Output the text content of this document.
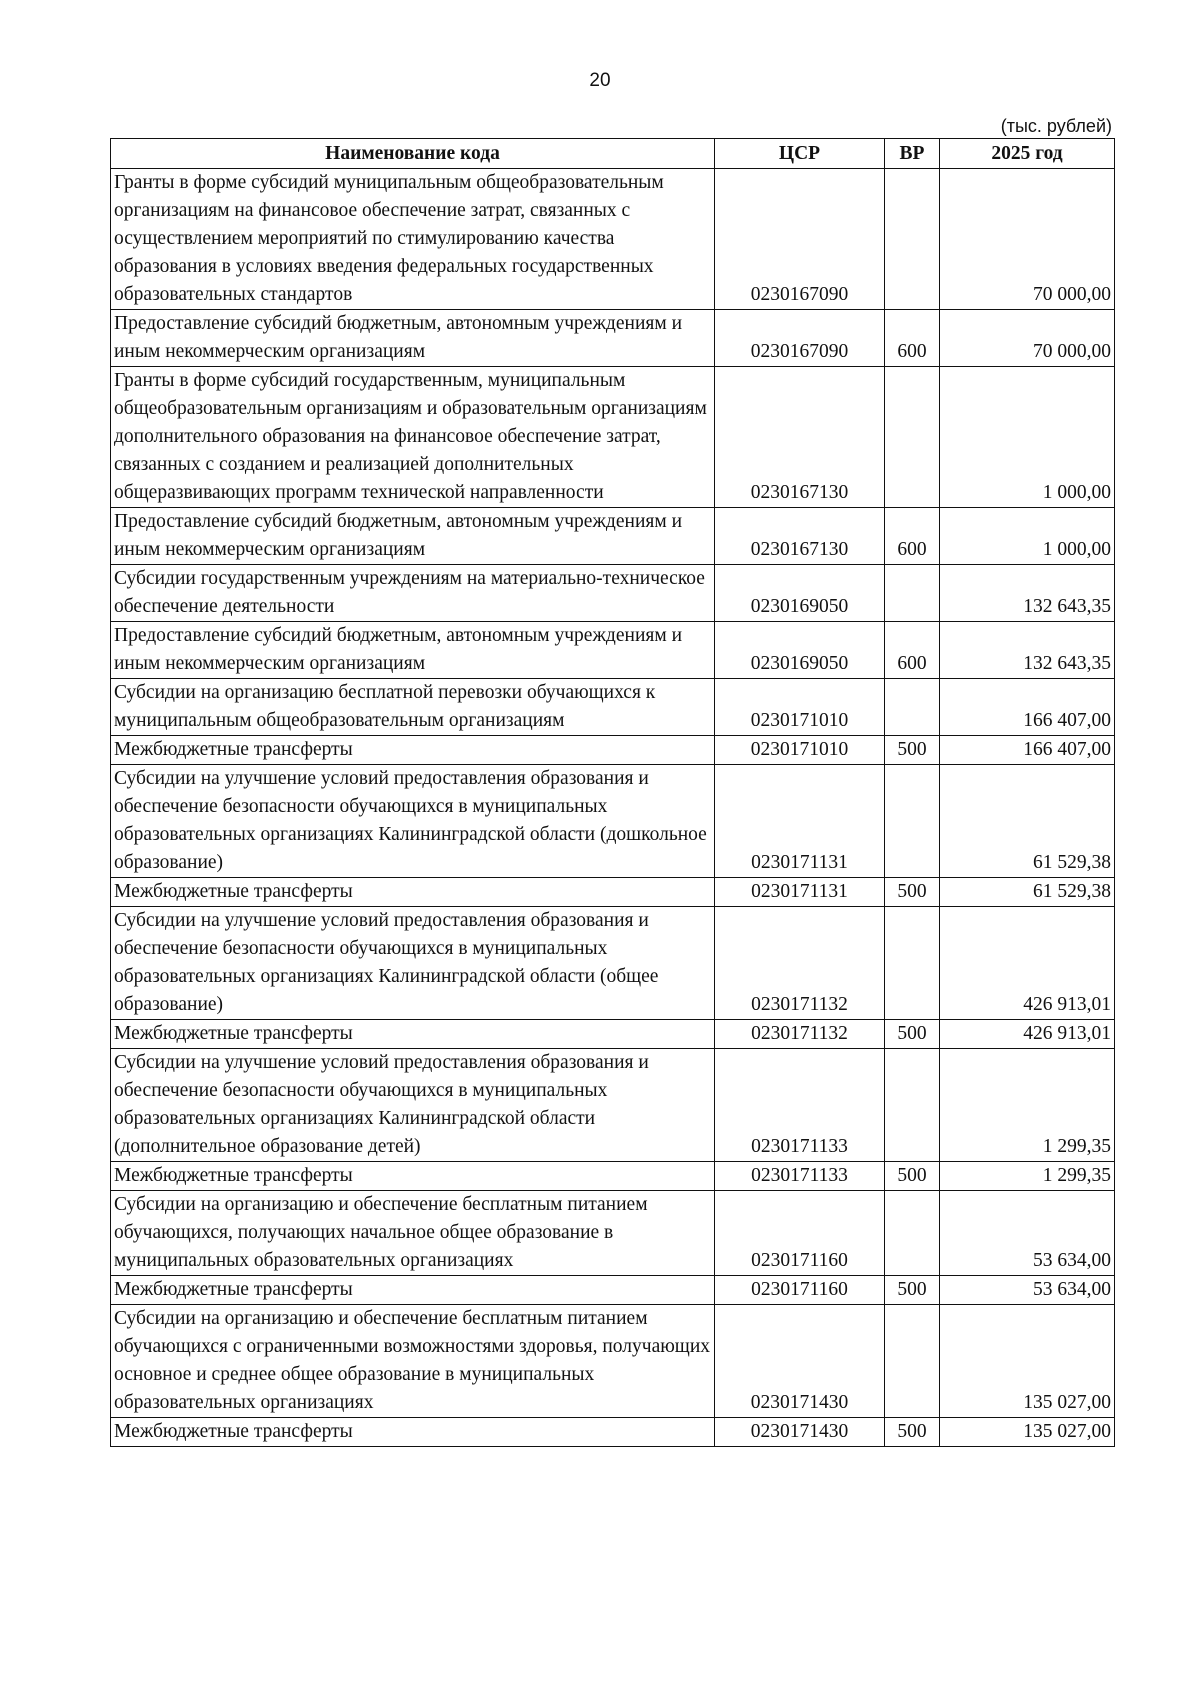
20
(тыс. рублей)
Наименование кода	ЦСР	ВР	2025 год
Гранты в форме субсидий муниципальным общеобразовательным организациям на финансовое обеспечение затрат, связанных с осуществлением мероприятий по стимулированию качества образования в условиях введения федеральных государственных образовательных стандартов	0230167090		70 000,00
Предоставление субсидий бюджетным, автономным учреждениям и иным некоммерческим организациям	0230167090	600	70 000,00
Гранты в форме субсидий государственным, муниципальным общеобразовательным организациям и образовательным организациям дополнительного образования на финансовое обеспечение затрат, связанных с созданием и реализацией дополнительных общеразвивающих программ технической направленности	0230167130		1 000,00
Предоставление субсидий бюджетным, автономным учреждениям и иным некоммерческим организациям	0230167130	600	1 000,00
Субсидии государственным учреждениям на материально-техническое обеспечение деятельности	0230169050		132 643,35
Предоставление субсидий бюджетным, автономным учреждениям и иным некоммерческим организациям	0230169050	600	132 643,35
Субсидии на организацию бесплатной перевозки обучающихся к муниципальным общеобразовательным организациям	0230171010		166 407,00
Межбюджетные трансферты	0230171010	500	166 407,00
Субсидии на улучшение условий предоставления образования и обеспечение безопасности обучающихся в муниципальных образовательных организациях Калининградской области (дошкольное образование)	0230171131		61 529,38
Межбюджетные трансферты	0230171131	500	61 529,38
Субсидии на улучшение условий предоставления образования и обеспечение безопасности обучающихся в муниципальных образовательных организациях Калининградской области (общее образование)	0230171132		426 913,01
Межбюджетные трансферты	0230171132	500	426 913,01
Субсидии на улучшение условий предоставления образования и обеспечение безопасности обучающихся в муниципальных образовательных организациях Калининградской области (дополнительное образование детей)	0230171133		1 299,35
Межбюджетные трансферты	0230171133	500	1 299,35
Субсидии на организацию и обеспечение бесплатным питанием обучающихся, получающих начальное общее образование в муниципальных образовательных организациях	0230171160		53 634,00
Межбюджетные трансферты	0230171160	500	53 634,00
Субсидии на организацию и обеспечение бесплатным питанием обучающихся с ограниченными возможностями здоровья, получающих основное и среднее общее образование в муниципальных образовательных организациях	0230171430		135 027,00
Межбюджетные трансферты	0230171430	500	135 027,00
